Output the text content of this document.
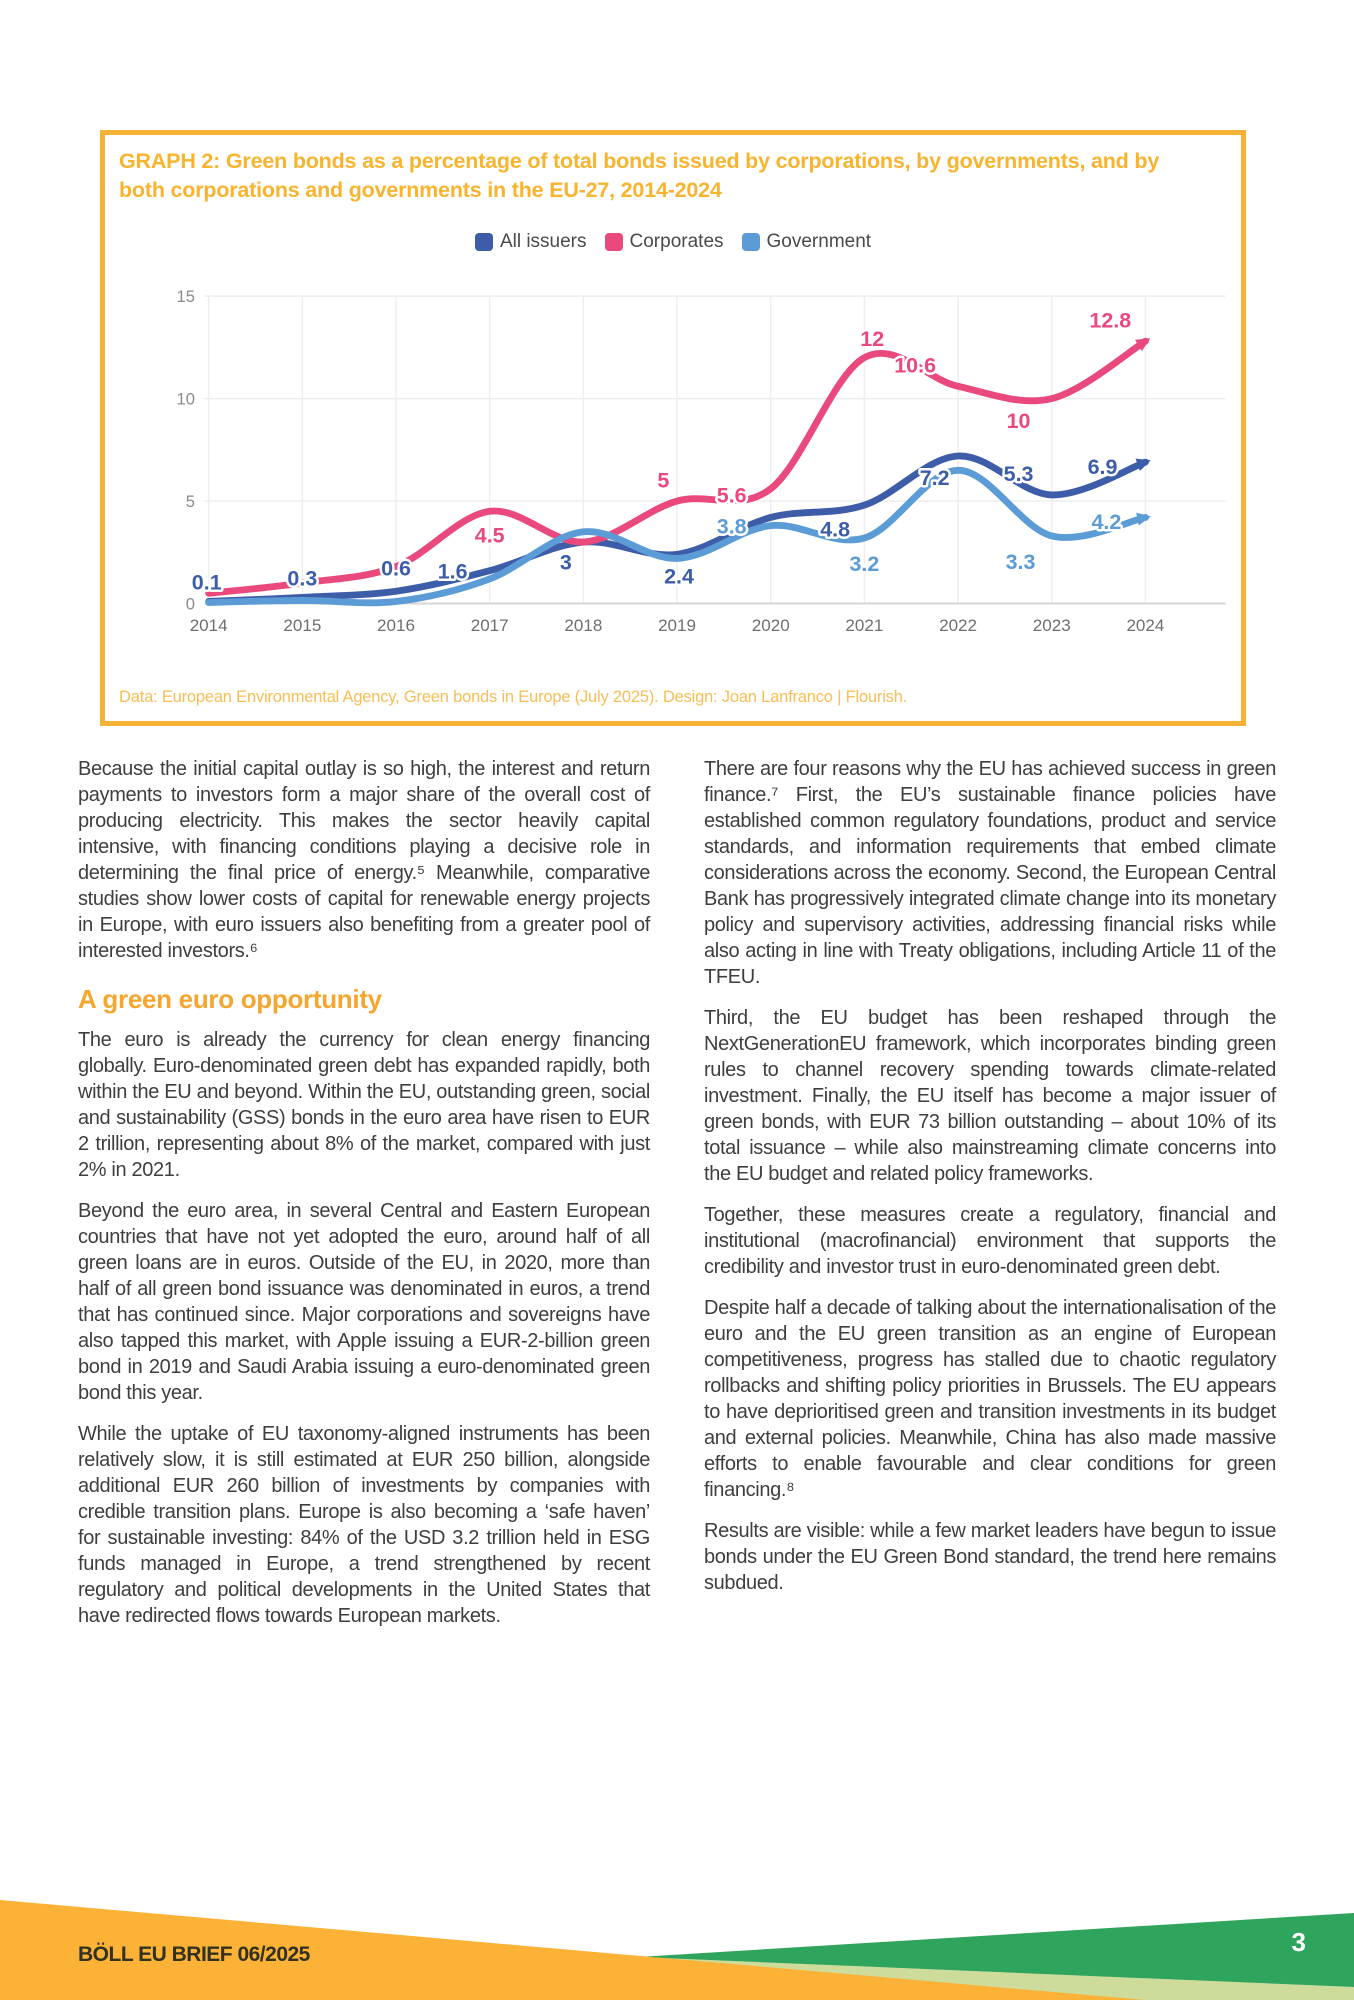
GRAPH 2: Green bonds as a percentage of total bonds issued by corporations, by governments, and by both corporations and governments in the EU-27, 2014-2024
All issuers Corporates Government
2014	2015	2016	2017	2018	2019	2020	2021	2022	2023	2024
0
5
10
15
0.1	0.3	0.6 1.6	3
2.4
4.8
7.2 5.3 6.9
4.5
5
5.6
12
10.6
10
12.8
3.8
3.2	3.3
4.2
Data: European Environmental Agency, Green bonds in Europe (July 2025). Design: Joan Lanfranco | Flourish.

Because the initial capital outlay is so high, the interest and return payments to investors form a major share of the overall cost of producing electricity. This makes the sector heavily capital intensive, with financing conditions playing a decisive role in determining the final price of energy.⁵ Meanwhile, comparative studies show lower costs of capital for renewable energy projects in Europe, with euro issuers also benefiting from a greater pool of interested investors.⁶

A green euro opportunity

The euro is already the currency for clean energy financing globally. Euro-denominated green debt has expanded rapidly, both within the EU and beyond. Within the EU, outstanding green, social and sustainability (GSS) bonds in the euro area have risen to EUR 2 trillion, representing about 8% of the market, compared with just 2% in 2021.

Beyond the euro area, in several Central and Eastern European countries that have not yet adopted the euro, around half of all green loans are in euros. Outside of the EU, in 2020, more than half of all green bond issuance was denominated in euros, a trend that has continued since. Major corporations and sovereigns have also tapped this market, with Apple issuing a EUR-2-billion green bond in 2019 and Saudi Arabia issuing a euro-denominated green bond this year.

While the uptake of EU taxonomy-aligned instruments has been relatively slow, it is still estimated at EUR 250 billion, alongside additional EUR 260 billion of investments by companies with credible transition plans. Europe is also becoming a ‘safe haven’ for sustainable investing: 84% of the USD 3.2 trillion held in ESG funds managed in Europe, a trend strengthened by recent regulatory and political developments in the United States that have redirected flows towards European markets.

There are four reasons why the EU has achieved success in green finance.⁷ First, the EU’s sustainable finance policies have established common regulatory foundations, product and service standards, and information requirements that embed climate considerations across the economy. Second, the European Central Bank has progressively integrated climate change into its monetary policy and supervisory activities, addressing financial risks while also acting in line with Treaty obligations, including Article 11 of the TFEU.

Third, the EU budget has been reshaped through the NextGenerationEU framework, which incorporates binding green rules to channel recovery spending towards climate-related investment. Finally, the EU itself has become a major issuer of green bonds, with EUR 73 billion outstanding – about 10% of its total issuance – while also mainstreaming climate concerns into the EU budget and related policy frameworks.

Together, these measures create a regulatory, financial and institutional (macrofinancial) environment that supports the credibility and investor trust in euro-denominated green debt.

Despite half a decade of talking about the internationalisation of the euro and the EU green transition as an engine of European competitiveness, progress has stalled due to chaotic regulatory rollbacks and shifting policy priorities in Brussels. The EU appears to have deprioritised green and transition investments in its budget and external policies. Meanwhile, China has also made massive efforts to enable favourable and clear conditions for green financing.⁸

Results are visible: while a few market leaders have begun to issue bonds under the EU Green Bond standard, the trend here remains subdued.

BÖLL EU BRIEF 06/2025	3
